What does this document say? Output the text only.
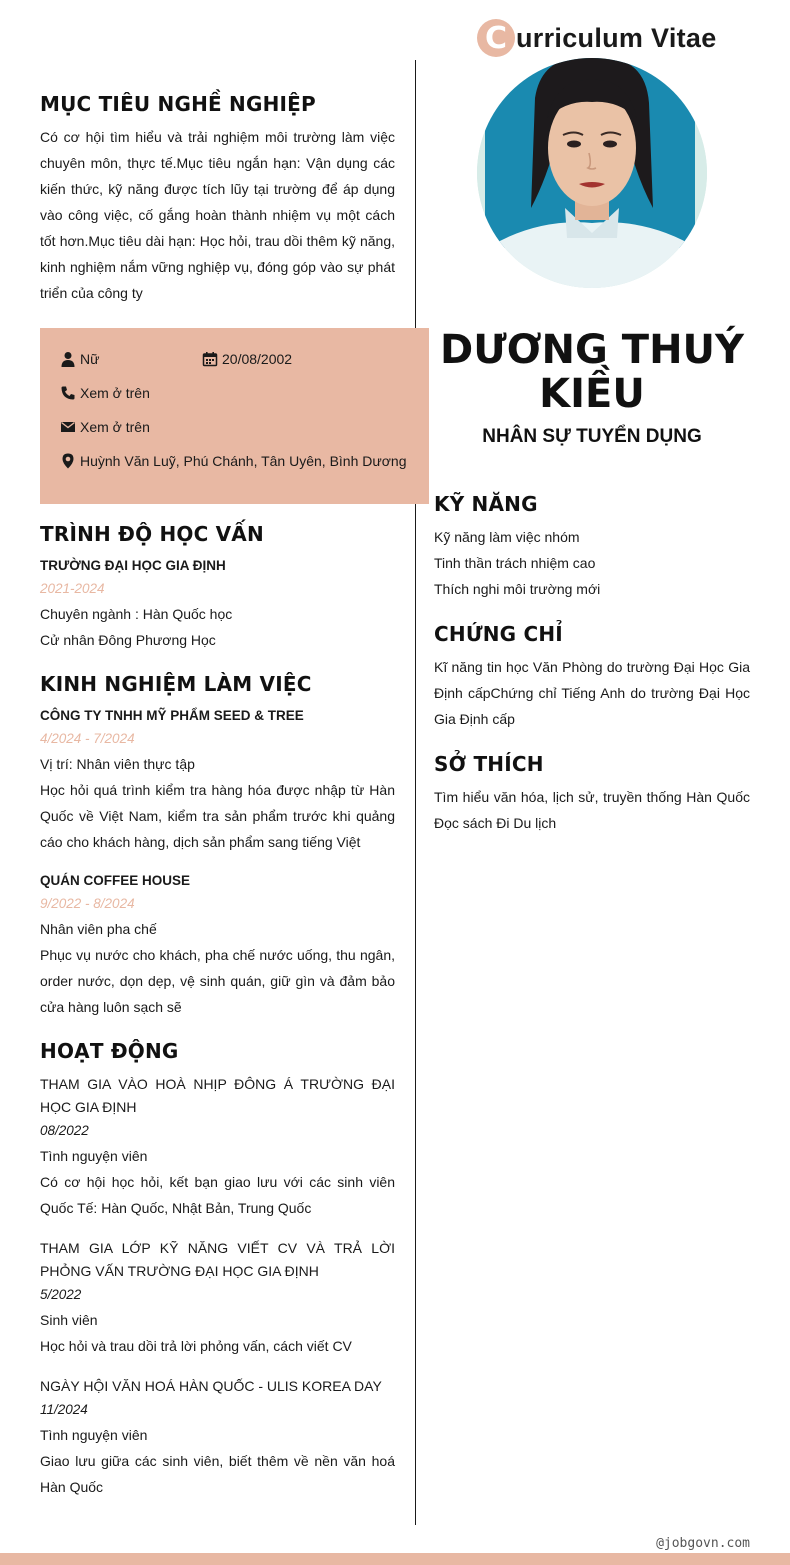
C urriculum Vitae
MỤC TIÊU NGHỀ NGHIỆP

Có cơ hội tìm hiểu và trải nghiệm môi trường làm việc chuyên môn, thực tế.Mục tiêu ngắn hạn: Vận dụng các kiến thức, kỹ năng được tích lũy tại trường để áp dụng vào công việc, cố gắng hoàn thành nhiệm vụ một cách tốt hơn.Mục tiêu dài hạn: Học hỏi, trau dồi thêm kỹ năng, kinh nghiệm nắm vững nghiệp vụ, đóng góp vào sự phát triển của công ty

Nữ	20/08/2002
Xem ở trên
Xem ở trên
Huỳnh Văn Luỹ, Phú Chánh, Tân Uyên, Bình Dương
DƯƠNG THUÝ KIỀU
NHÂN SỰ TUYỂN DỤNG
TRÌNH ĐỘ HỌC VẤN

TRƯỜNG ĐẠI HỌC GIA ĐỊNH

2021-2024

Chuyên ngành : Hàn Quốc học

Cử nhân Đông Phương Học

KINH NGHIỆM LÀM VIỆC

CÔNG TY TNHH MỸ PHẨM SEED & TREE

4/2024 - 7/2024

Vị trí: Nhân viên thực tập

Học hỏi quá trình kiểm tra hàng hóa được nhập từ Hàn Quốc về Việt Nam, kiểm tra sản phẩm trước khi quảng cáo cho khách hàng, dịch sản phẩm sang tiếng Việt

QUÁN COFFEE HOUSE

9/2022 - 8/2024

Nhân viên pha chế

Phục vụ nước cho khách, pha chế nước uống, thu ngân, order nước, dọn dẹp, vệ sinh quán, giữ gìn và đảm bảo cửa hàng luôn sạch sẽ

HOẠT ĐỘNG

THAM GIA VÀO HOÀ NHỊP ĐÔNG Á TRƯỜNG ĐẠI HỌC GIA ĐỊNH

08/2022

Tình nguyện viên

Có cơ hội học hỏi, kết bạn giao lưu với các sinh viên Quốc Tế: Hàn Quốc, Nhật Bản, Trung Quốc

THAM GIA LỚP KỸ NĂNG VIẾT CV VÀ TRẢ LỜI PHỎNG VẤN TRƯỜNG ĐẠI HỌC GIA ĐỊNH

5/2022

Sinh viên

Học hỏi và trau dồi trả lời phỏng vấn, cách viết CV

NGÀY HỘI VĂN HOÁ HÀN QUỐC - ULIS KOREA DAY

11/2024

Tình nguyện viên

Giao lưu giữa các sinh viên, biết thêm về nền văn hoá Hàn Quốc

KỸ NĂNG

Kỹ năng làm việc nhóm

Tinh thần trách nhiệm cao

Thích nghi môi trường mới

CHỨNG CHỈ

Kĩ năng tin học Văn Phòng do trường Đại Học Gia Định cấpChứng chỉ Tiếng Anh do trường Đại Học Gia Định cấp

SỞ THÍCH

Tìm hiểu văn hóa, lịch sử, truyền thống Hàn Quốc Đọc sách Đi Du lịch

@jobgovn.com
